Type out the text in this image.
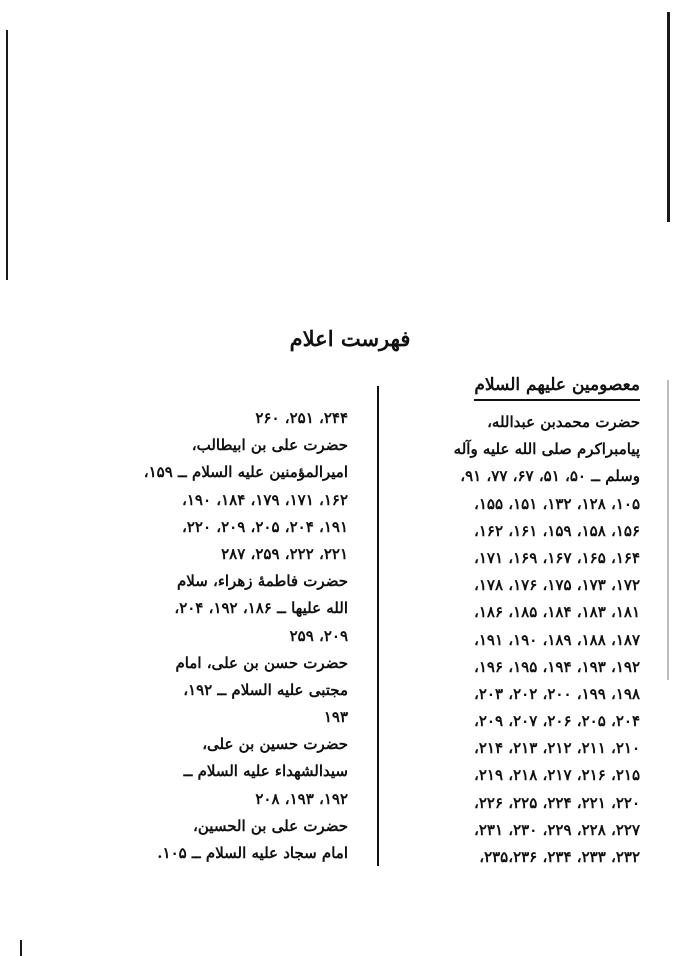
فهرست اعلام
معصومین علیهم السلام
حضرت محمدبن عبدالله،
پیامبراکرم صلی الله علیه وآله
وسلم ــ ۵۰، ۵۱، ۶۷، ۷۷، ۹۱،
۱۰۵، ۱۲۸، ۱۳۲، ۱۵۱، ۱۵۵،
۱۵۶، ۱۵۸، ۱۵۹، ۱۶۱، ۱۶۲،
۱۶۴، ۱۶۵، ۱۶۷، ۱۶۹، ۱۷۱،
۱۷۲، ۱۷۳، ۱۷۵، ۱۷۶، ۱۷۸،
۱۸۱، ۱۸۳، ۱۸۴، ۱۸۵، ۱۸۶،
۱۸۷، ۱۸۸، ۱۸۹، ۱۹۰، ۱۹۱،
۱۹۲، ۱۹۳، ۱۹۴، ۱۹۵، ۱۹۶،
۱۹۸، ۱۹۹، ۲۰۰، ۲۰۲، ۲۰۳،
۲۰۴، ۲۰۵، ۲۰۶، ۲۰۷، ۲۰۹،
۲۱۰، ۲۱۱، ۲۱۲، ۲۱۳، ۲۱۴،
۲۱۵، ۲۱۶، ۲۱۷، ۲۱۸، ۲۱۹،
۲۲۰، ۲۲۱، ۲۲۴، ۲۲۵، ۲۲۶،
۲۲۷، ۲۲۸، ۲۲۹، ۲۳۰، ۲۳۱،
۲۳۲، ۲۳۳، ۲۳۴، ۲۳۵،۲۳۶،
۲۴۴، ۲۵۱، ۲۶۰
حضرت علی بن ابیطالب،
امیرالمؤمنین علیه السلام ــ ۱۵۹،
۱۶۲، ۱۷۱، ۱۷۹، ۱۸۴، ۱۹۰،
۱۹۱، ۲۰۴، ۲۰۵، ۲۰۹، ۲۲۰،
۲۲۱، ۲۲۲، ۲۵۹، ۲۸۷
حضرت فاطمهٔ زهراء، سلام
الله علیها ــ ۱۸۶، ۱۹۲، ۲۰۴،
۲۰۹، ۲۵۹
حضرت حسن بن علی، امام
مجتبی علیه السلام ــ ۱۹۲،
۱۹۳
حضرت حسین بن علی،
سیدالشهداء علیه السلام ــ
۱۹۲، ۱۹۳، ۲۰۸
حضرت علی بن الحسین،
امام سجاد علیه السلام ــ ۱۰۵.
